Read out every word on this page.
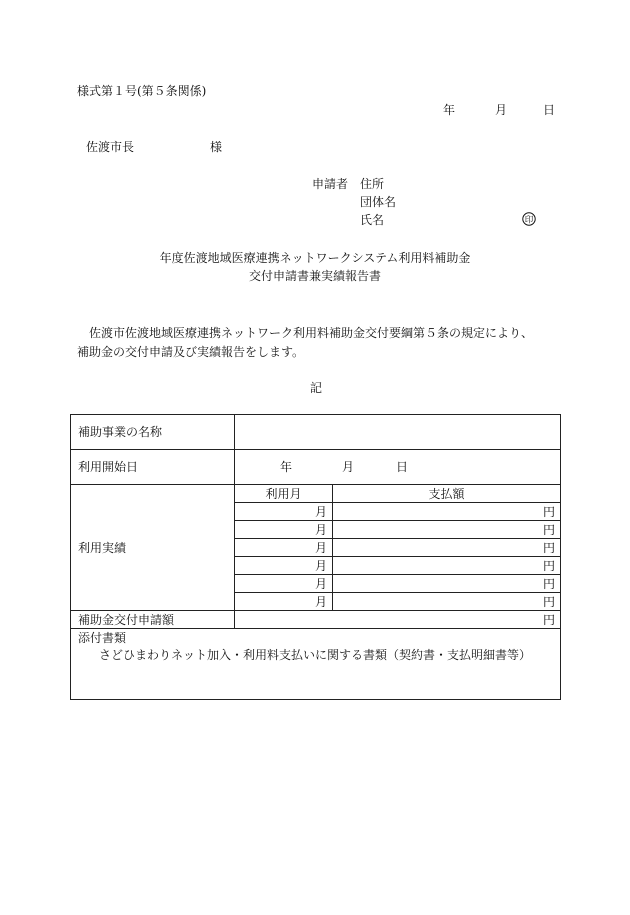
様式第１号(第５条関係)
年	月	日
佐渡市長	様
申請者 住所
団体名
氏名	印
年度佐渡地域医療連携ネットワークシステム利用料補助金
交付申請書兼実績報告書
佐渡市佐渡地域医療連携ネットワーク利用料補助金交付要綱第５条の規定により、
補助金の交付申請及び実績報告をします。
記
補助事業の名称		
利用開始日	年 月 日	
利用実績	利用月	支払額
	月	円
	月	円
	月	円
	月	円
	月	円
	月	円
補助金交付申請額	円	

添付書類
さどひまわりネット加入・利用料支払いに関する書類（契約書・支払明細書等）		
